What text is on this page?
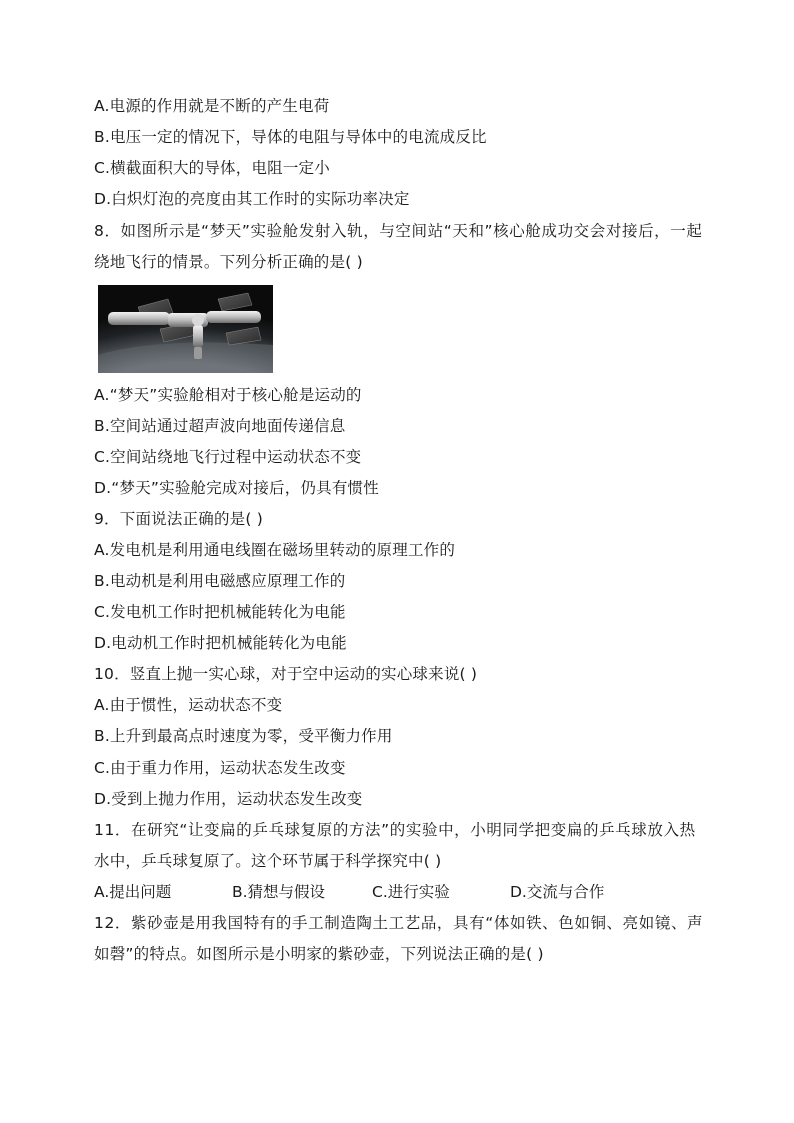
A.电源的作用就是不断的产生电荷
B.电压一定的情况下，导体的电阻与导体中的电流成反比
C.横截面积大的导体，电阻一定小
D.白炽灯泡的亮度由其工作时的实际功率决定
8．如图所示是“梦天”实验舱发射入轨，与空间站“天和”核心舱成功交会对接后，一起
绕地飞行的情景。下列分析正确的是( )
A.“梦天”实验舱相对于核心舱是运动的
B.空间站通过超声波向地面传递信息
C.空间站绕地飞行过程中运动状态不变
D.“梦天”实验舱完成对接后，仍具有惯性
9．下面说法正确的是( )
A.发电机是利用通电线圈在磁场里转动的原理工作的
B.电动机是利用电磁感应原理工作的
C.发电机工作时把机械能转化为电能
D.电动机工作时把机械能转化为电能
10．竖直上抛一实心球，对于空中运动的实心球来说( )
A.由于惯性，运动状态不变
B.上升到最高点时速度为零，受平衡力作用
C.由于重力作用，运动状态发生改变
D.受到上抛力作用，运动状态发生改变
11．在研究“让变扁的乒乓球复原的方法”的实验中，小明同学把变扁的乒乓球放入热
水中，乒乓球复原了。这个环节属于科学探究中( )
A.提出问题	B.猜想与假设	C.进行实验	D.交流与合作
12．紫砂壶是用我国特有的手工制造陶土工艺品，具有“体如铁、色如铜、亮如镜、声
如磬”的特点。如图所示是小明家的紫砂壶，下列说法正确的是( )
